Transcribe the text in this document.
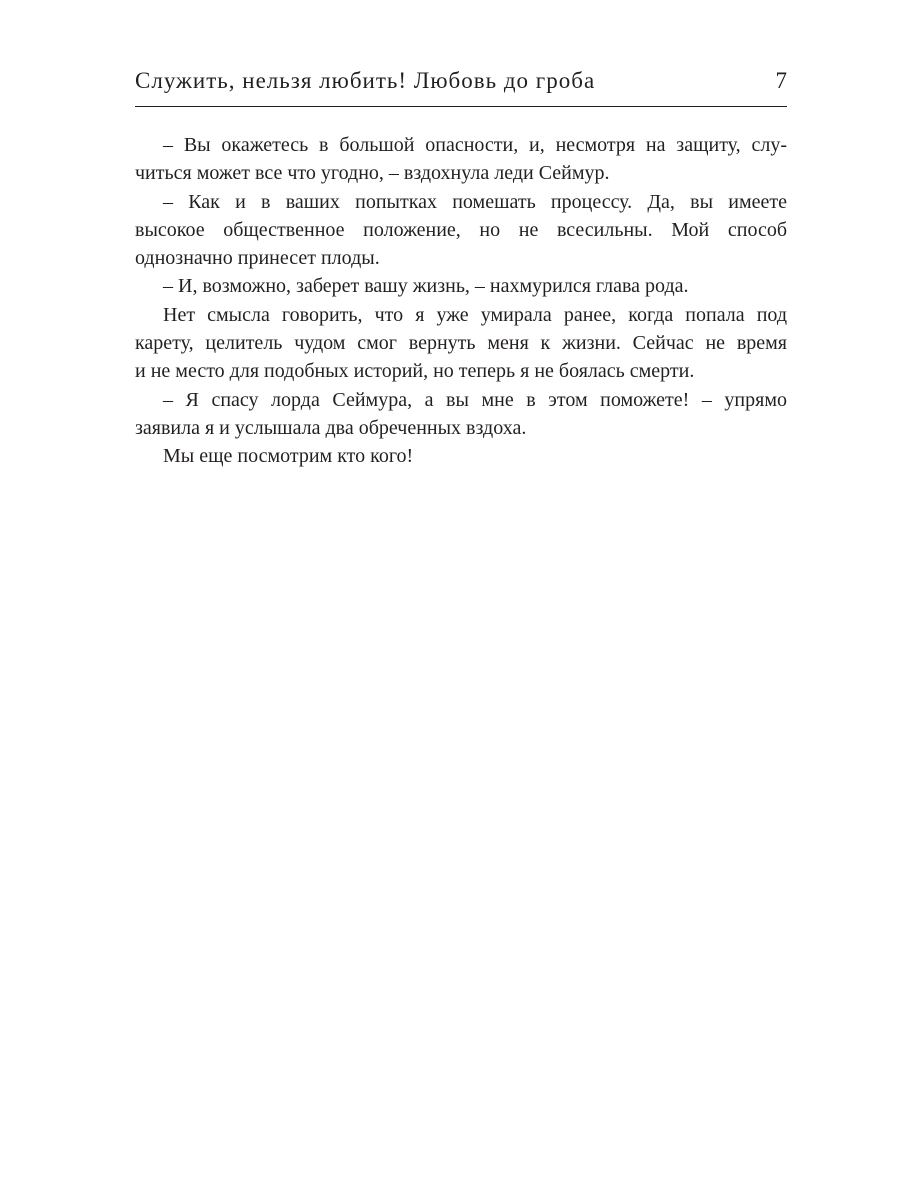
Служить, нельзя любить! Любовь до гроба	7

– Вы окажетесь в большой опасности, и, несмотря на защиту, слу-
читься может все что угодно, – вздохнула леди Сеймур.

– Как и в ваших попытках помешать процессу. Да, вы имеете
высокое общественное положение, но не всесильны. Мой способ
однозначно принесет плоды.

– И, возможно, заберет вашу жизнь, – нахмурился глава рода.

Нет смысла говорить, что я уже умирала ранее, когда попала под
карету, целитель чудом смог вернуть меня к жизни. Сейчас не время
и не место для подобных историй, но теперь я не боялась смерти.

– Я спасу лорда Сеймура, а вы мне в этом поможете! – упрямо
заявила я и услышала два обреченных вздоха.

Мы еще посмотрим кто кого!
